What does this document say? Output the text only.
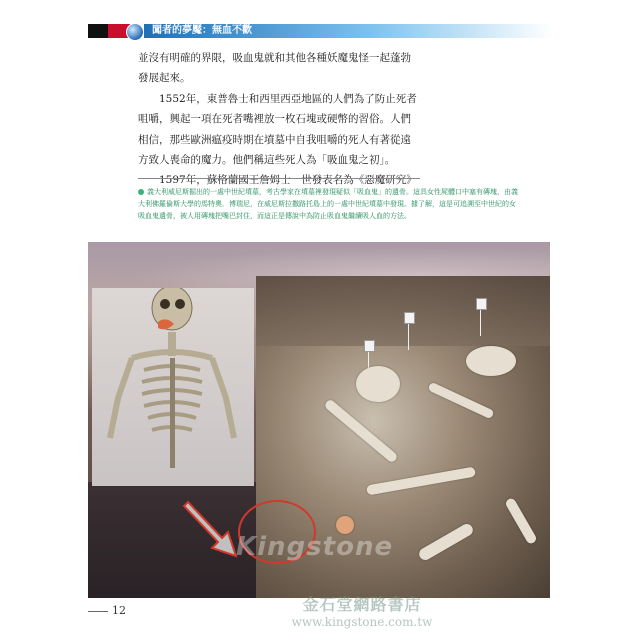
闖者的夢魘：無血不歡

並沒有明確的界限，吸血鬼就和其他各種妖魔鬼怪一起蓬勃發展起來。

1552年，東普魯士和西里西亞地區的人們為了防止死者咀嚼，興起一項在死者嘴裡放一枚石塊或硬幣的習俗。人們相信，那些歐洲瘟疫時期在墳墓中自我咀嚼的死人有著從遠方致人喪命的魔力。他們稱這些死人為「吸血鬼之初」。

1597年，蘇格蘭國王詹姆士一世發表名為《惡魔研究》

義大利威尼斯掘出的一處中世紀墳墓，考古學家在墳墓裡發現疑似「吸血鬼」的遺骨。這具女性屍體口中塞有磚塊，由義大利佛羅倫斯大學的馬特奧．博瑞尼，在威尼斯拉撒路托島上的一處中世紀墳墓中發現。據了解，這是可追溯至中世紀的女吸血鬼遺骨，被人用磚塊把嘴巴封住，而這正是傳說中為防止吸血鬼繼續吸人血的方法。
Kingstone
12	金石堂網路書店
www.kingstone.com.tw
